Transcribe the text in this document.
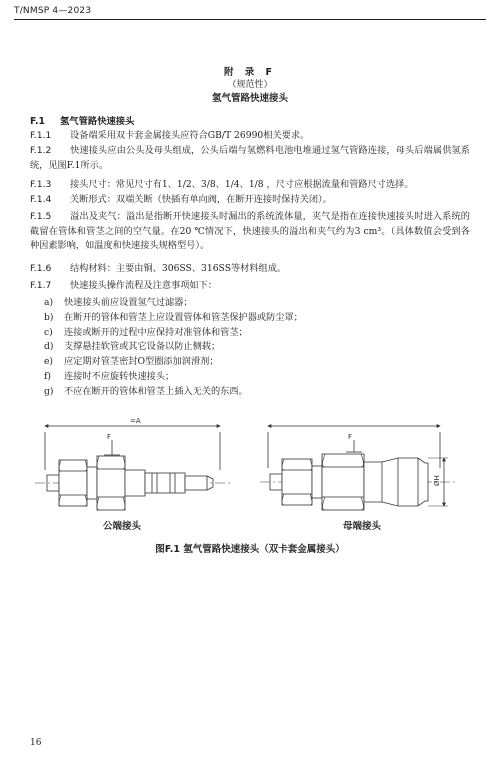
T/NMSP 4—2023
附 录 F
（规范性）
氢气管路快速接头
F.1 氢气管路快速接头
F.1.1 设备端采用双卡套金属接头应符合GB/T 26990相关要求。
F.1.2 快速接头应由公头及母头组成，公头后端与氢燃料电池电堆通过氢气管路连接，母头后端属供氢系统，见图F.1所示。
F.1.3 接头尺寸：常见尺寸有1、1/2、3/8、1/4、1/8 ，尺寸应根据流量和管路尺寸选择。
F.1.4 关断形式：双端关断（快插有单向阀，在断开连接时保持关闭）。
F.1.5 溢出及夹气：溢出是指断开快速接头时漏出的系统流体量，夹气是指在连接快速接头时进入系统的截留在管体和管茎之间的空气量。在20 ℃情况下，快速接头的溢出和夹气约为3 cm³。（具体数值会受到各种因素影响，如温度和快速接头规格型号）。
F.1.6 结构材料：主要由铜、306SS、316SS等材料组成。
F.1.7 快速接头操作流程及注意事项如下：
a) 快速接头前应设置氢气过滤器；
b) 在断开的管体和管茎上应设置管体和管茎保护器或防尘罩；
c) 连接或断开的过程中应保持对准管体和管茎；
d) 支撑悬挂软管或其它设备以防止侧载；
e) 应定期对管茎密封O型圈添加润滑剂；
f) 连接时不应旋转快速接头；
g) 不应在断开的管体和管茎上插入无关的东西。
=A
F	F
ØH
公端接头	母端接头
图F.1 氢气管路快速接头（双卡套金属接头）
16
